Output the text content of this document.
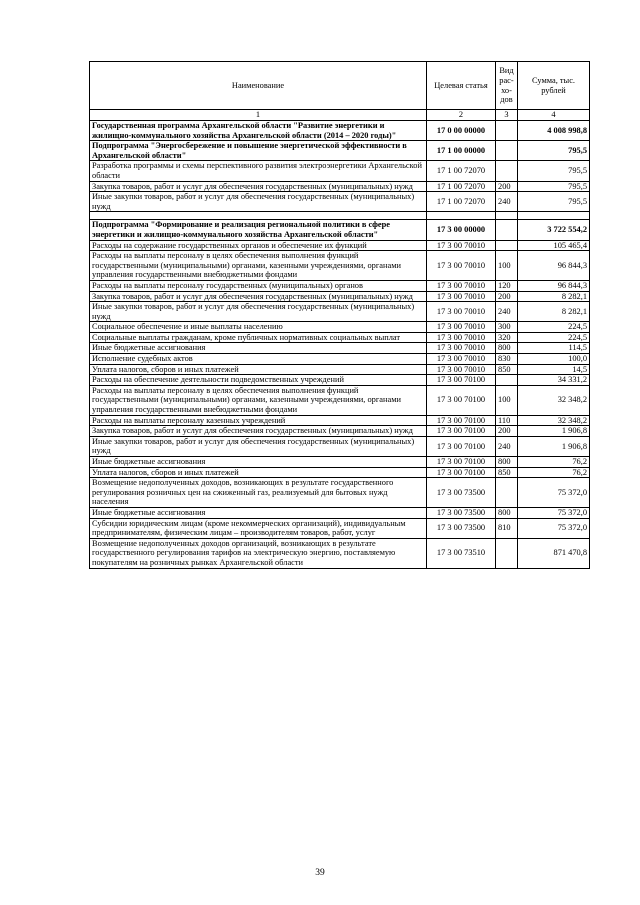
Наименование	Целевая статья	Вид рас-хо-дов	Сумма, тыс. рублей
1	2	3	4
Государственная программа Архангельской области "Развитие энергетики и жилищно-коммунального хозяйства Архангельской области (2014 – 2020 годы)"	17 0 00 00000		4 008 998,8
Подпрограмма "Энергосбережение и повышение энергетической эффективности в Архангельской области"	17 1 00 00000		795,5
Разработка программы и схемы перспективного развития электроэнергетики Архангельской области	17 1 00 72070		795,5
Закупка товаров, работ и услуг для обеспечения государственных (муниципальных) нужд	17 1 00 72070	200	795,5
Иные закупки товаров, работ и услуг для обеспечения государственных (муниципальных) нужд	17 1 00 72070	240	795,5

Подпрограмма "Формирование и реализация региональной политики в сфере энергетики и жилищно-коммунального хозяйства Архангельской области"	17 3 00 00000		3 722 554,2
Расходы на содержание государственных органов и обеспечение их функций	17 3 00 70010		105 465,4
Расходы на выплаты персоналу в целях обеспечения выполнения функций государственными (муниципальными) органами, казенными учреждениями, органами управления государственными внебюджетными фондами	17 3 00 70010	100	96 844,3
Расходы на выплаты персоналу государственных (муниципальных) органов	17 3 00 70010	120	96 844,3
Закупка товаров, работ и услуг для обеспечения государственных (муниципальных) нужд	17 3 00 70010	200	8 282,1
Иные закупки товаров, работ и услуг для обеспечения государственных (муниципальных) нужд	17 3 00 70010	240	8 282,1
Социальное обеспечение и иные выплаты населению	17 3 00 70010	300	224,5
Социальные выплаты гражданам, кроме публичных нормативных социальных выплат	17 3 00 70010	320	224,5
Иные бюджетные ассигнования	17 3 00 70010	800	114,5
Исполнение судебных актов	17 3 00 70010	830	100,0
Уплата налогов, сборов и иных платежей	17 3 00 70010	850	14,5
Расходы на обеспечение деятельности подведомственных учреждений	17 3 00 70100		34 331,2
Расходы на выплаты персоналу в целях обеспечения выполнения функций государственными (муниципальными) органами, казенными учреждениями, органами управления государственными внебюджетными фондами	17 3 00 70100	100	32 348,2
Расходы на выплаты персоналу казенных учреждений	17 3 00 70100	110	32 348,2
Закупка товаров, работ и услуг для обеспечения государственных (муниципальных) нужд	17 3 00 70100	200	1 906,8
Иные закупки товаров, работ и услуг для обеспечения государственных (муниципальных) нужд	17 3 00 70100	240	1 906,8
Иные бюджетные ассигнования	17 3 00 70100	800	76,2
Уплата налогов, сборов и иных платежей	17 3 00 70100	850	76,2
Возмещение недополученных доходов, возникающих в результате государственного регулирования розничных цен на сжиженный газ, реализуемый для бытовых нужд населения	17 3 00 73500		75 372,0
Иные бюджетные ассигнования	17 3 00 73500	800	75 372,0
Субсидии юридическим лицам (кроме некоммерческих организаций), индивидуальным предпринимателям, физическим лицам – производителям товаров, работ, услуг	17 3 00 73500	810	75 372,0
Возмещение недополученных доходов организаций, возникающих в результате государственного регулирования тарифов на электрическую энергию, поставляемую покупателям на розничных рынках Архангельской области	17 3 00 73510		871 470,8
39
